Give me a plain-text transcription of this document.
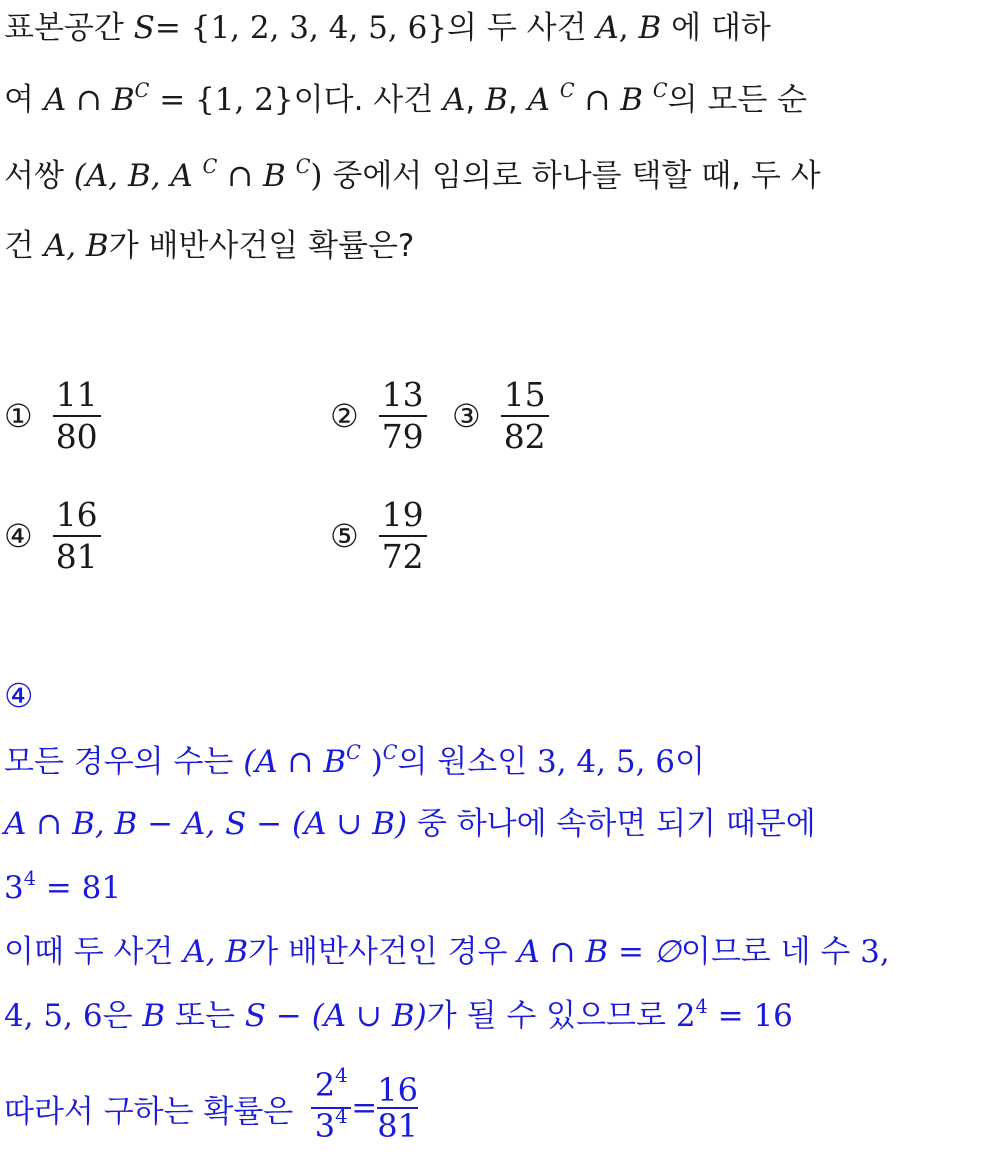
표본공간 S= {1, 2, 3, 4, 5, 6}의 두 사건 A, B 에 대하
여 A ∩ $B^C = \{1$, 2}이다. 사건 A, B, A $^C$ ∩ B $^C$의 모든 순
서쌍 (A, B, A $^C$ ∩ B $^C$) 중에서 임의로 하나를 택할 때, 두 사
건 A, B가 배반사건일 확률은?
① $\frac{11}{80}$	② $\frac{13}{79}$ ③ $\frac{15}{82}$
④ $\frac{16}{81}$	⑤ $\frac{19}{72}$
④
모든 경우의 수는 (A ∩ $B^C$ )$^C$의 원소인 3, 4, 5, 6이
A ∩ B, B − A, S − (A ∪ B) 중 하나에 속하면 되기 때문에
$3^4 = 81$
이때 두 사건 A, B가 배반사건인 경우 A ∩ B = ∅이므로 네 수 3,
4, 5, 6은 B 또는 S − (A ∪ B)가 될 수 있으므로 $2^4 = 16$
따라서 구하는 확률은 $\frac{2^4}{3^4} = \frac{16}{81}$
